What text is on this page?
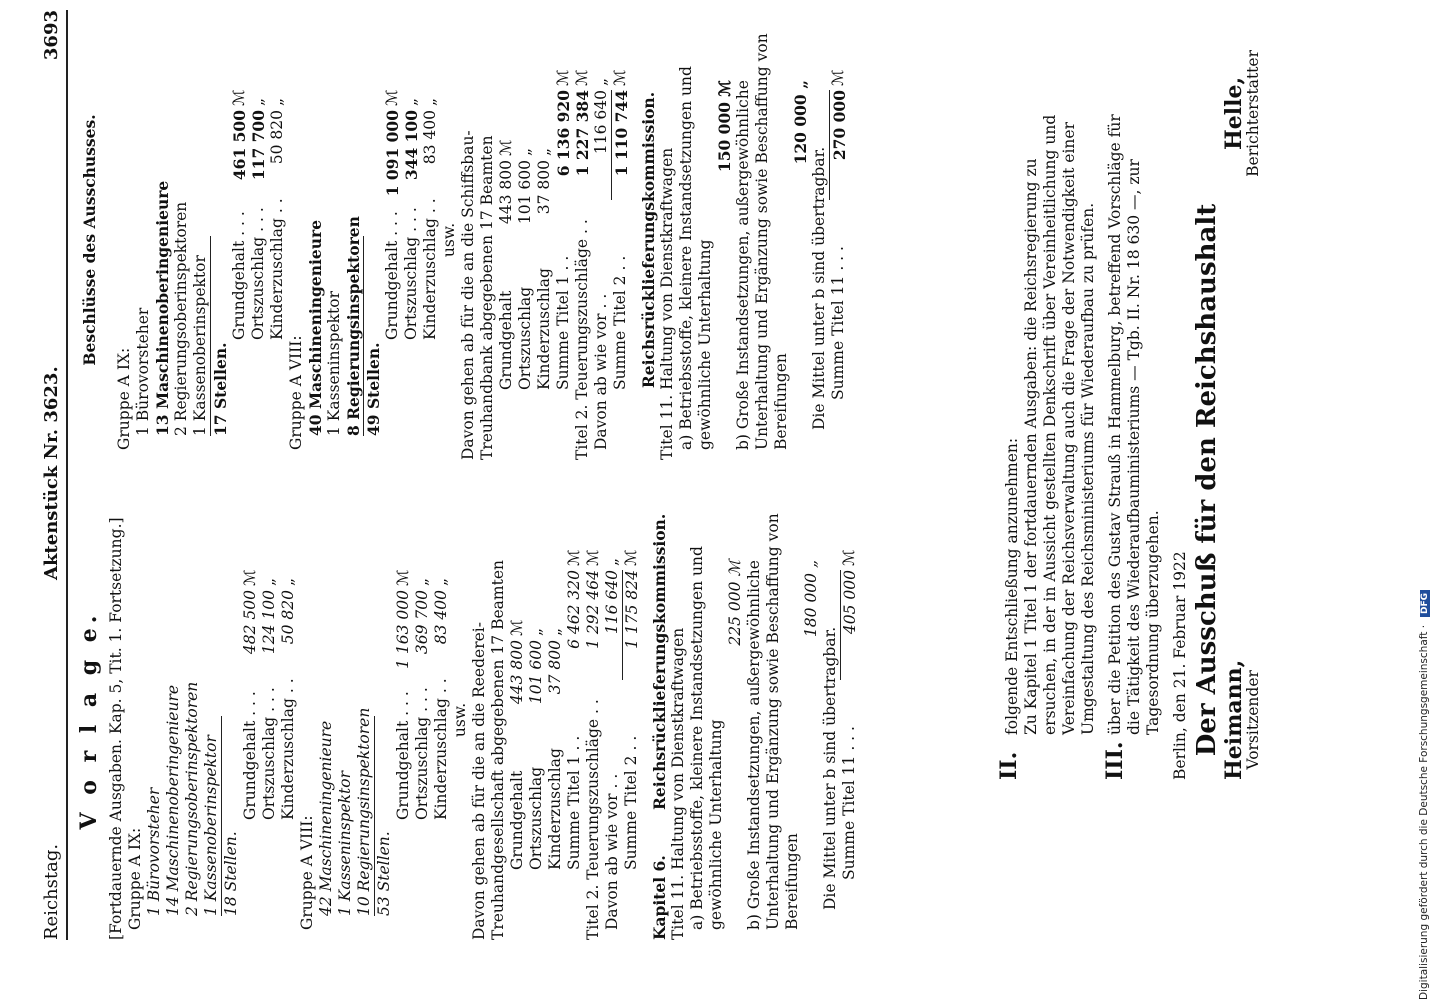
Reichstag.
Aktenstück Nr. 3623.
3693
V o r l a g e. [Fortdauernde Ausgaben. Kap. 5, Tit. 1. Fortsetzung.] Gruppe A IX: 1 Bürovorsteher 14 Maschinenoberingenieure 2 Regierungsoberinspektoren 1 Kassenoberinspektor 18 Stellen.
Grundgehalt . . .
482 500
ℳ
Ortszuschlag . . .
124 100
„
Kinderzuschlag . .
50 820
„
Gruppe A VIII: 42 Maschineningenieure 1 Kasseninspektor 10 Regierungsinspektoren 53 Stellen.
Grundgehalt . . .
1 163 000
ℳ
Ortszuschlag . . .
369 700
„
Kinderzuschlag . .
83 400
„
usw. Davon gehen ab für die an die Reederei-Treuhandgesellschaft abgegebenen 17 Beamten Grundgehalt
443 800
ℳ
Ortszuschlag
101 600
„
Kinderzuschlag
37 800
„
Summe Titel 1 . .
6 462 320
ℳ
Titel 2. Teuerungszuschläge . .
1 292 464
ℳ
Davon ab wie vor . .
116 640
„
Summe Titel 2 . .
1 175 824
ℳ
Kapitel 6.
Reichsrücklieferungskommission. Titel 11. Haltung von Dienstkraftwagen a) Betriebsstoffe, kleinere Instandsetzungen und gewöhnliche Unterhaltung
225 000 ℳ b) Große Instandsetzungen, außergewöhnliche Unterhaltung und Ergänzung sowie Beschaffung von Bereifungen
180 000 „
Die Mittel unter b sind übertragbar. Summe Titel 11 . . .
405 000
ℳ
Beschlüsse des Ausschusses.
Gruppe A IX: 1 Bürovorsteher 13 Maschinenoberingenieure 2 Regierungsoberinspektoren 1 Kassenoberinspektor 17 Stellen.
Grundgehalt . . .
461 500
ℳ
Ortszuschlag . . .
117 700
„
Kinderzuschlag . .
50 820
„
Gruppe A VIII: 40 Maschineningenieure 1 Kasseninspektor 8 Regierungsinspektoren 49 Stellen.
Grundgehalt . . .
1 091 000
ℳ
Ortszuschlag . . .
344 100
„
Kinderzuschlag . .
83 400
„
usw. Davon gehen ab für die an die Schiffsbau-Treuhandbank abgegebenen 17 Beamten Grundgehalt
443 800
ℳ
Ortszuschlag
101 600
„
Kinderzuschlag
37 800
„
Summe Titel 1 . .
6 136 920
ℳ
Titel 2. Teuerungszuschläge . .
1 227 384
ℳ
Davon ab wie vor . .
116 640
„
Summe Titel 2 . .
1 110 744
ℳ
Reichsrücklieferungskommission. Titel 11. Haltung von Dienstkraftwagen a) Betriebsstoffe, kleinere Instandsetzungen und gewöhnliche Unterhaltung
150 000 ℳ b) Große Instandsetzungen, außergewöhnliche Unterhaltung und Ergänzung sowie Beschaffung von Bereifungen
120 000 „
Die Mittel unter b sind übertragbar. Summe Titel 11 . . .
270 000
ℳ
II.
folgende Entschließung anzunehmen: Zu Kapitel 1 Titel 1 der fortdauernden Ausgaben: die Reichsregierung zu ersuchen, in der in Aussicht gestellten Denkschrift über Vereinheitlichung und Vereinfachung der Reichsverwaltung auch die Frage der Notwendigkeit einer Umgestaltung des Reichsministeriums für Wiederaufbau zu prüfen.
III.
über die Petition des Gustav Strauß in Hammelburg, betreffend Vorschläge für die Tätigkeit des Wiederaufbauministeriums — Tgb. II. Nr. 18 630 —, zur Tagesordnung überzugehen. Berlin, den 21. Februar 1922 Der Ausschuß für den Reichshaushalt Heimann,
Vorsitzender
Helle,
Berichterstatter
Digitalisierung gefördert durch die Deutsche Forschungsgemeinschaft ·DFG
